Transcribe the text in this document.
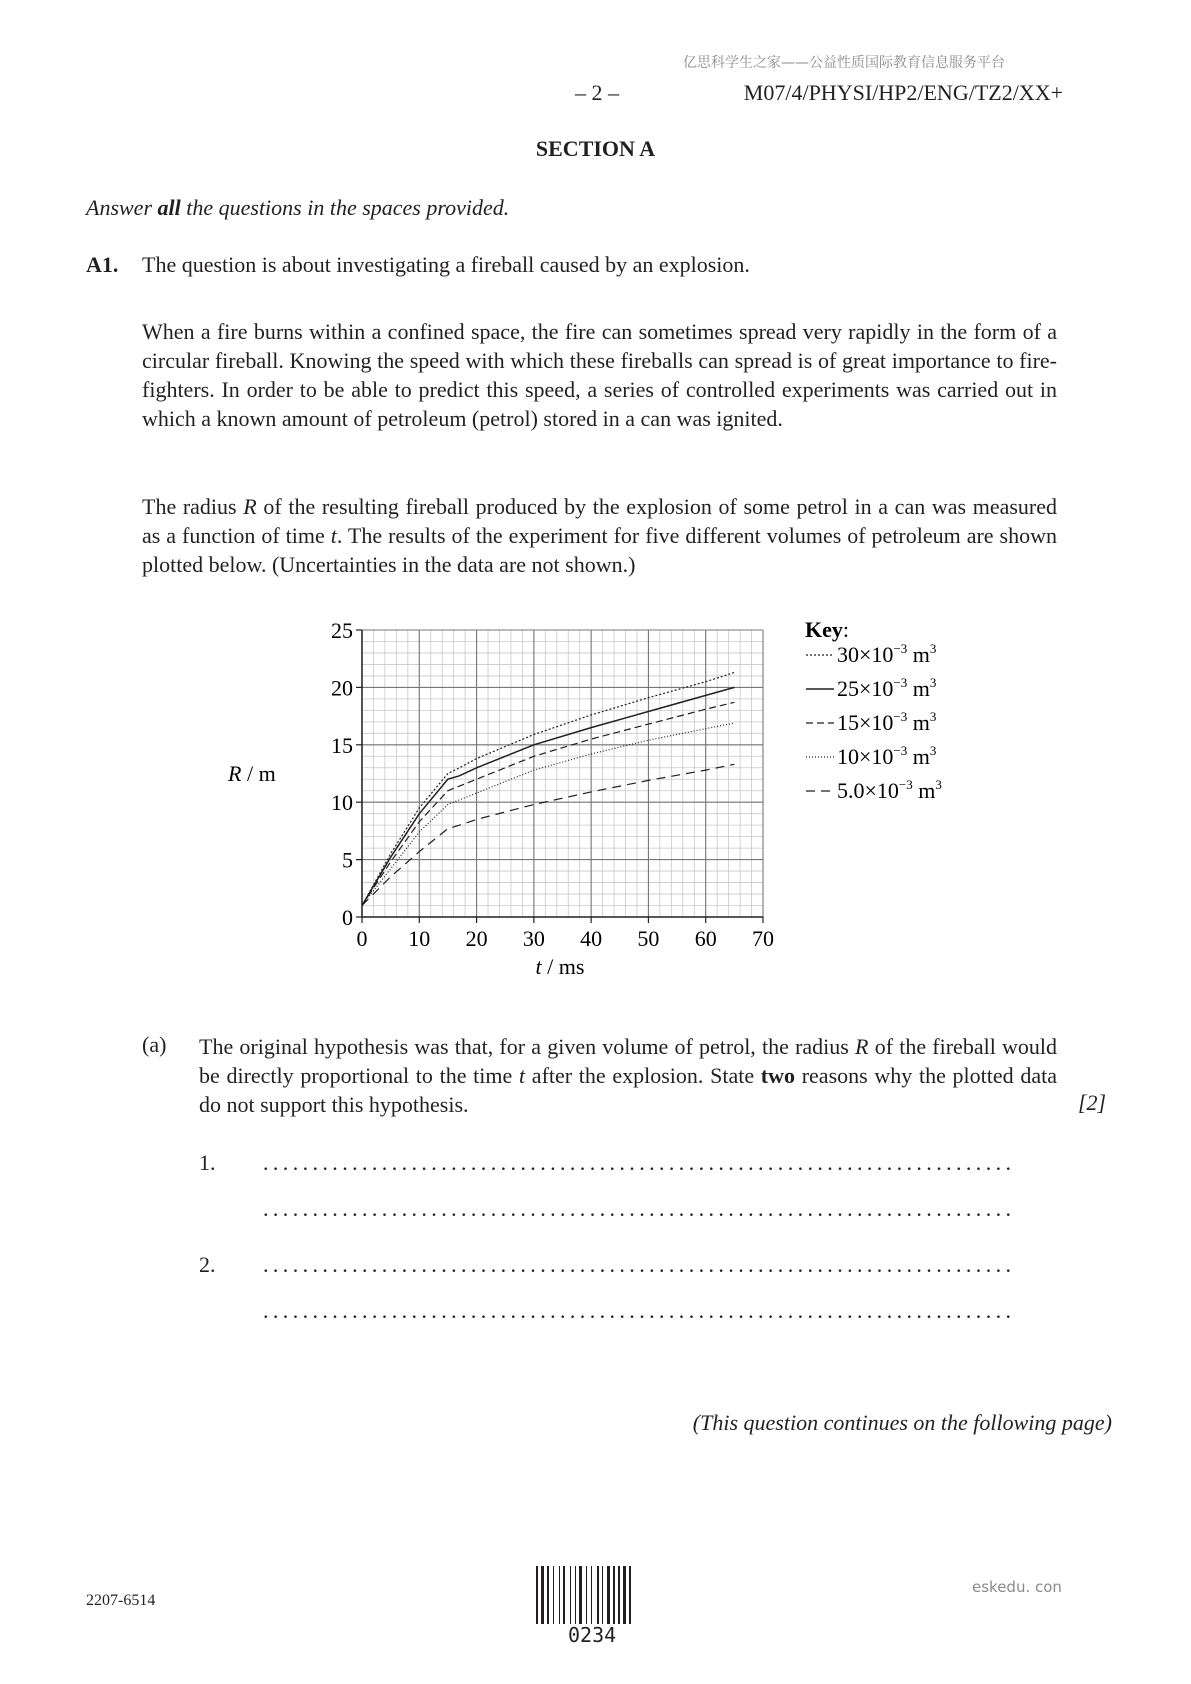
亿思科学生之家——公益性质国际教育信息服务平台
– 2 –	M07/4/PHYSI/HP2/ENG/TZ2/XX+
SECTION A
Answer all the questions in the spaces provided.
A1. The question is about investigating a fireball caused by an explosion.

When a fire burns within a confined space, the fire can sometimes spread very rapidly in the form of a circular fireball. Knowing the speed with which these fireballs can spread is of great importance to fire-fighters. In order to be able to predict this speed, a series of controlled experiments was carried out in which a known amount of petroleum (petrol) stored in a can was ignited.

The radius R of the resulting fireball produced by the explosion of some petrol in a can was measured as a function of time t. The results of the experiment for five different volumes of petroleum are shown plotted below. (Uncertainties in the data are not shown.)

0 10 20 30 40 50 60 70
0
5
10
15
20
25
R / m
t / ms
Key:
$30\times 10^{-3}$ $m^3$
$25\times 10^{-3}$ $m^3$
$15\times 10^{-3}$ $m^3$
$10\times 10^{-3}$ $m^3$
$5.0\times 10^{-3}$ $m^3$
(a) The original hypothesis was that, for a given volume of petrol, the radius R of the fireball would be directly proportional to the time t after the explosion. State two reasons why the plotted data do not support this hypothesis.	[2]
1. ............................................................................
............................................................................
2. ............................................................................
............................................................................
(This question continues on the following page)
2207-6514
0234
eskedu. con
